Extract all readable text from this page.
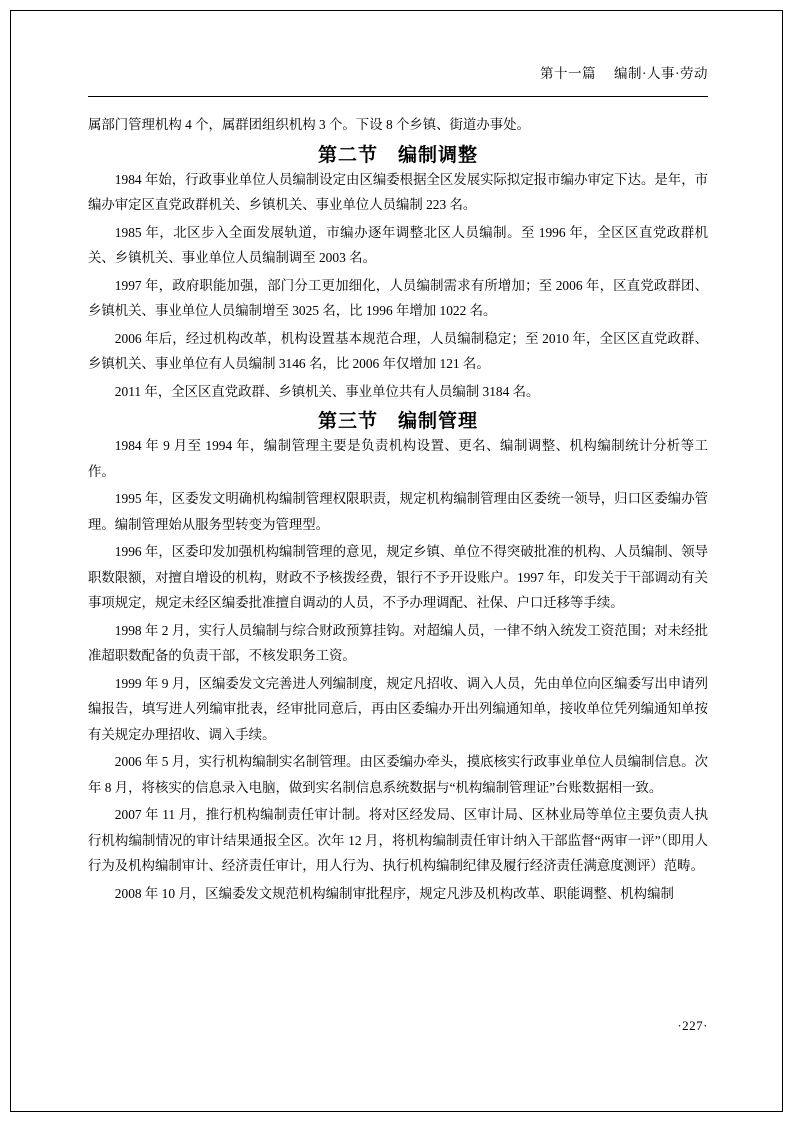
第十一篇 编制·人事·劳动

属部门管理机构 4 个，属群团组织机构 3 个。下设 8 个乡镇、街道办事处。

第二节 编制调整

1984 年始，行政事业单位人员编制设定由区编委根据全区发展实际拟定报市编办审定下达。是年，市编办审定区直党政群机关、乡镇机关、事业单位人员编制 223 名。

1985 年，北区步入全面发展轨道，市编办逐年调整北区人员编制。至 1996 年，全区区直党政群机关、乡镇机关、事业单位人员编制调至 2003 名。

1997 年，政府职能加强，部门分工更加细化，人员编制需求有所增加；至 2006 年，区直党政群团、乡镇机关、事业单位人员编制增至 3025 名，比 1996 年增加 1022 名。

2006 年后，经过机构改革，机构设置基本规范合理，人员编制稳定；至 2010 年，全区区直党政群、乡镇机关、事业单位有人员编制 3146 名，比 2006 年仅增加 121 名。

2011 年，全区区直党政群、乡镇机关、事业单位共有人员编制 3184 名。

第三节 编制管理

1984 年 9 月至 1994 年，编制管理主要是负责机构设置、更名、编制调整、机构编制统计分析等工作。

1995 年，区委发文明确机构编制管理权限职责，规定机构编制管理由区委统一领导，归口区委编办管理。编制管理始从服务型转变为管理型。

1996 年，区委印发加强机构编制管理的意见，规定乡镇、单位不得突破批准的机构、人员编制、领导职数限额，对擅自增设的机构，财政不予核拨经费，银行不予开设账户。1997 年，印发关于干部调动有关事项规定，规定未经区编委批准擅自调动的人员，不予办理调配、社保、户口迁移等手续。

1998 年 2 月，实行人员编制与综合财政预算挂钩。对超编人员，一律不纳入统发工资范围；对未经批准超职数配备的负责干部，不核发职务工资。

1999 年 9 月，区编委发文完善进人列编制度，规定凡招收、调入人员，先由单位向区编委写出申请列编报告，填写进人列编审批表，经审批同意后，再由区委编办开出列编通知单，接收单位凭列编通知单按有关规定办理招收、调入手续。

2006 年 5 月，实行机构编制实名制管理。由区委编办牵头，摸底核实行政事业单位人员编制信息。次年 8 月，将核实的信息录入电脑，做到实名制信息系统数据与“机构编制管理证”台账数据相一致。

2007 年 11 月，推行机构编制责任审计制。将对区经发局、区审计局、区林业局等单位主要负责人执行机构编制情况的审计结果通报全区。次年 12 月，将机构编制责任审计纳入干部监督“两审一评”（即用人行为及机构编制审计、经济责任审计，用人行为、执行机构编制纪律及履行经济责任满意度测评）范畴。

2008 年 10 月，区编委发文规范机构编制审批程序，规定凡涉及机构改革、职能调整、机构编制

·227·
